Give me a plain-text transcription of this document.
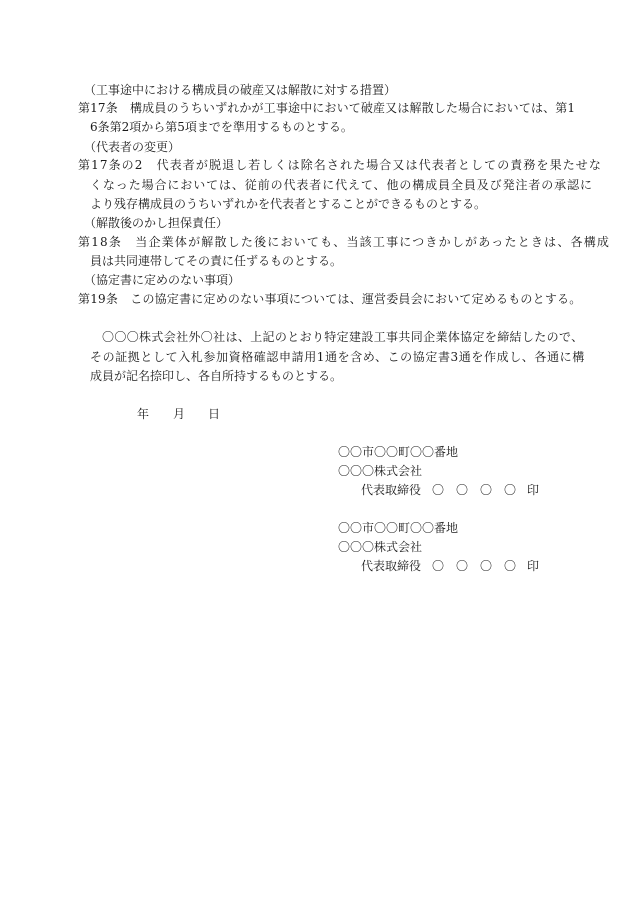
（工事途中における構成員の破産又は解散に対する措置）
第17条　構成員のうちいずれかが工事途中において破産又は解散した場合においては、第1
6条第2項から第5項までを準用するものとする。
（代表者の変更）
第17条の2　代表者が脱退し若しくは除名された場合又は代表者としての責務を果たせな
くなった場合においては、従前の代表者に代えて、他の構成員全員及び発注者の承認に
より残存構成員のうちいずれかを代表者とすることができるものとする。
（解散後のかし担保責任）
第18条　当企業体が解散した後においても、当該工事につきかしがあったときは、各構成
員は共同連帯してその責に任ずるものとする。
（協定書に定めのない事項）
第19条　この協定書に定めのない事項については、運営委員会において定めるものとする。
〇〇〇株式会社外〇社は、上記のとおり特定建設工事共同企業体協定を締結したので、
その証拠として入札参加資格確認申請用1通を含め、この協定書3通を作成し、各通に構
成員が記名捺印し、各自所持するものとする。
年 月 日
〇〇市〇〇町〇〇番地
〇〇〇株式会社
代表取締役 〇　〇　〇　〇 印
〇〇市〇〇町〇〇番地
〇〇〇株式会社
代表取締役 〇　〇　〇　〇 印
